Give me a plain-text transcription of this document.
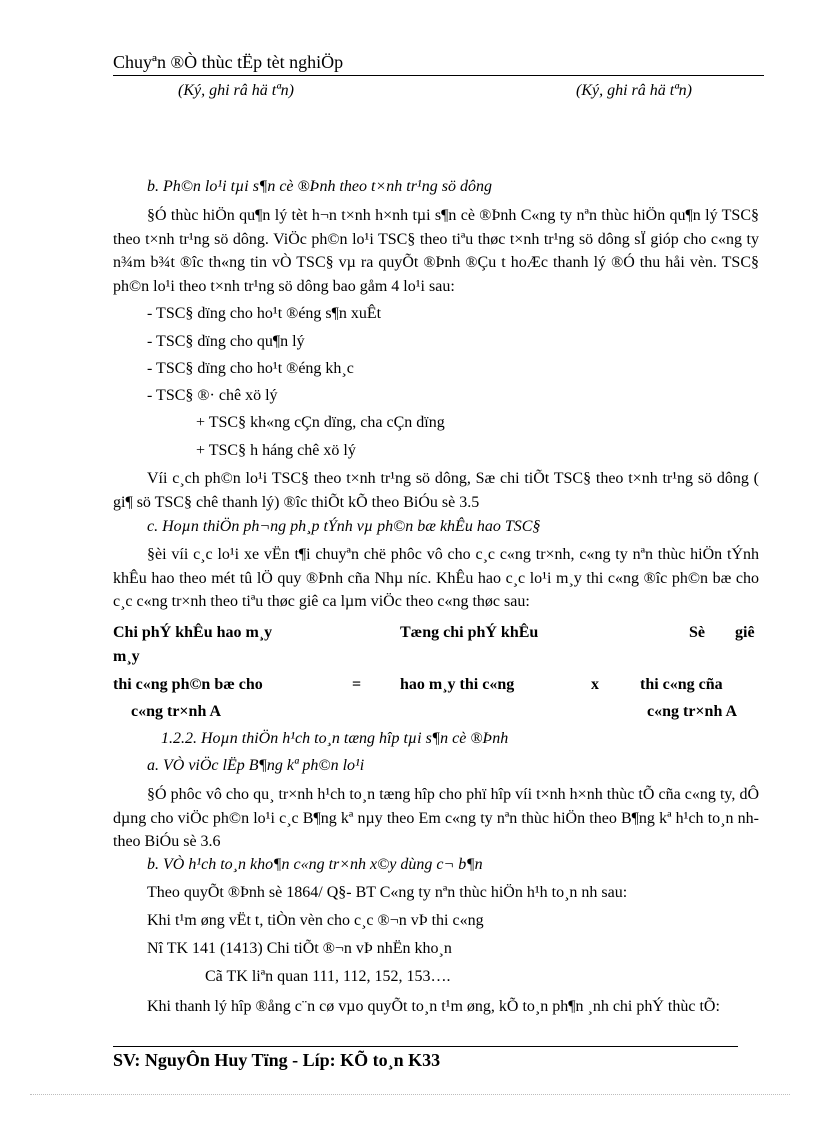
Chuyªn ®Ò thùc tËp tèt nghiÖp
(Ký, ghi râ hä tªn)	(Ký, ghi râ hä tªn)
b. Ph©n lo¹i tµi s¶n cè ®Þnh theo t×nh tr¹ng sö dông
§Ó thùc hiÖn qu¶n lý tèt h¬n t×nh h×nh tµi s¶n cè ®Þnh C«ng ty nªn thùc hiÖn qu¶n lý TSC§ theo t×nh tr¹ng sö dông. ViÖc ph©n lo¹i TSC§ theo tiªu thøc t×nh tr¹ng sö dông sÏ gióp cho c«ng ty n¾m b¾t ®îc th«ng tin vÒ TSC§ vµ ra quyÕt ®Þnh ®Çu t hoÆc thanh lý ®Ó thu håi vèn. TSC§ ph©n lo¹i theo t×nh tr¹ng sö dông bao gåm 4 lo¹i sau:
- TSC§ dïng cho ho¹t ®éng s¶n xuÊt
- TSC§ dïng cho qu¶n lý
- TSC§ dïng cho ho¹t ®éng kh¸c
- TSC§ ®· chê xö lý
+ TSC§ kh«ng cÇn dïng, cha cÇn dïng
+ TSC§ h háng chê xö lý
Víi c¸ch ph©n lo¹i TSC§ theo t×nh tr¹ng sö dông, Sæ chi tiÕt TSC§ theo t×nh tr¹ng sö dông ( gi¶ sö TSC§ chê thanh lý) ®îc thiÕt kÕ theo BiÓu sè 3.5
c. Hoµn thiÖn ph¬ng ph¸p tÝnh vµ ph©n bæ khÊu hao TSC§
§èi víi c¸c lo¹i xe vËn t¶i chuyªn chë phôc vô cho c¸c c«ng tr×nh, c«ng ty nªn thùc hiÖn tÝnh khÊu hao theo mét tû lÖ quy ®Þnh cña Nhµ níc. KhÊu hao c¸c lo¹i m¸y thi c«ng ®îc ph©n bæ cho c¸c c«ng tr×nh theo tiªu thøc giê ca lµm viÖc theo c«ng thøc sau:
Chi phÝ khÊu hao m¸y
m¸y
Tæng chi phÝ khÊu	Sè giê
thi c«ng ph©n bæ cho	= hao m¸y thi c«ng	x	thi c«ng cña
c«ng tr×nh A	c«ng tr×nh A
1.2.2. Hoµn thiÖn h¹ch to¸n tæng hîp tµi s¶n cè ®Þnh
a. VÒ viÖc lËp B¶ng kª ph©n lo¹i
§Ó phôc vô cho qu¸ tr×nh h¹ch to¸n tæng hîp cho phï hîp víi t×nh h×nh thùc tÕ cña c«ng ty, dÔ dµng cho viÖc ph©n lo¹i c¸c B¶ng kª nµy theo Em c«ng ty nªn thùc hiÖn theo B¶ng kª h¹ch to¸n nh theo BiÓu sè 3.6
b. VÒ h¹ch to¸n kho¶n c«ng tr×nh x©y dùng c¬ b¶n
Theo quyÕt ®Þnh sè 1864/ Q§- BT C«ng ty nªn thùc hiÖn h¹h to¸n nh sau:
Khi t¹m øng vËt t, tiÒn vèn cho c¸c ®¬n vÞ thi c«ng
Nî TK 141 (1413) Chi tiÕt ®¬n vÞ nhËn kho¸n
Cã TK liªn quan 111, 112, 152, 153….
Khi thanh lý hîp ®ång c¨n cø vµo quyÕt to¸n t¹m øng, kÕ to¸n ph¶n ¸nh chi phÝ thùc tÕ:
SV: NguyÔn Huy Tïng - Líp: KÕ to¸n K33
